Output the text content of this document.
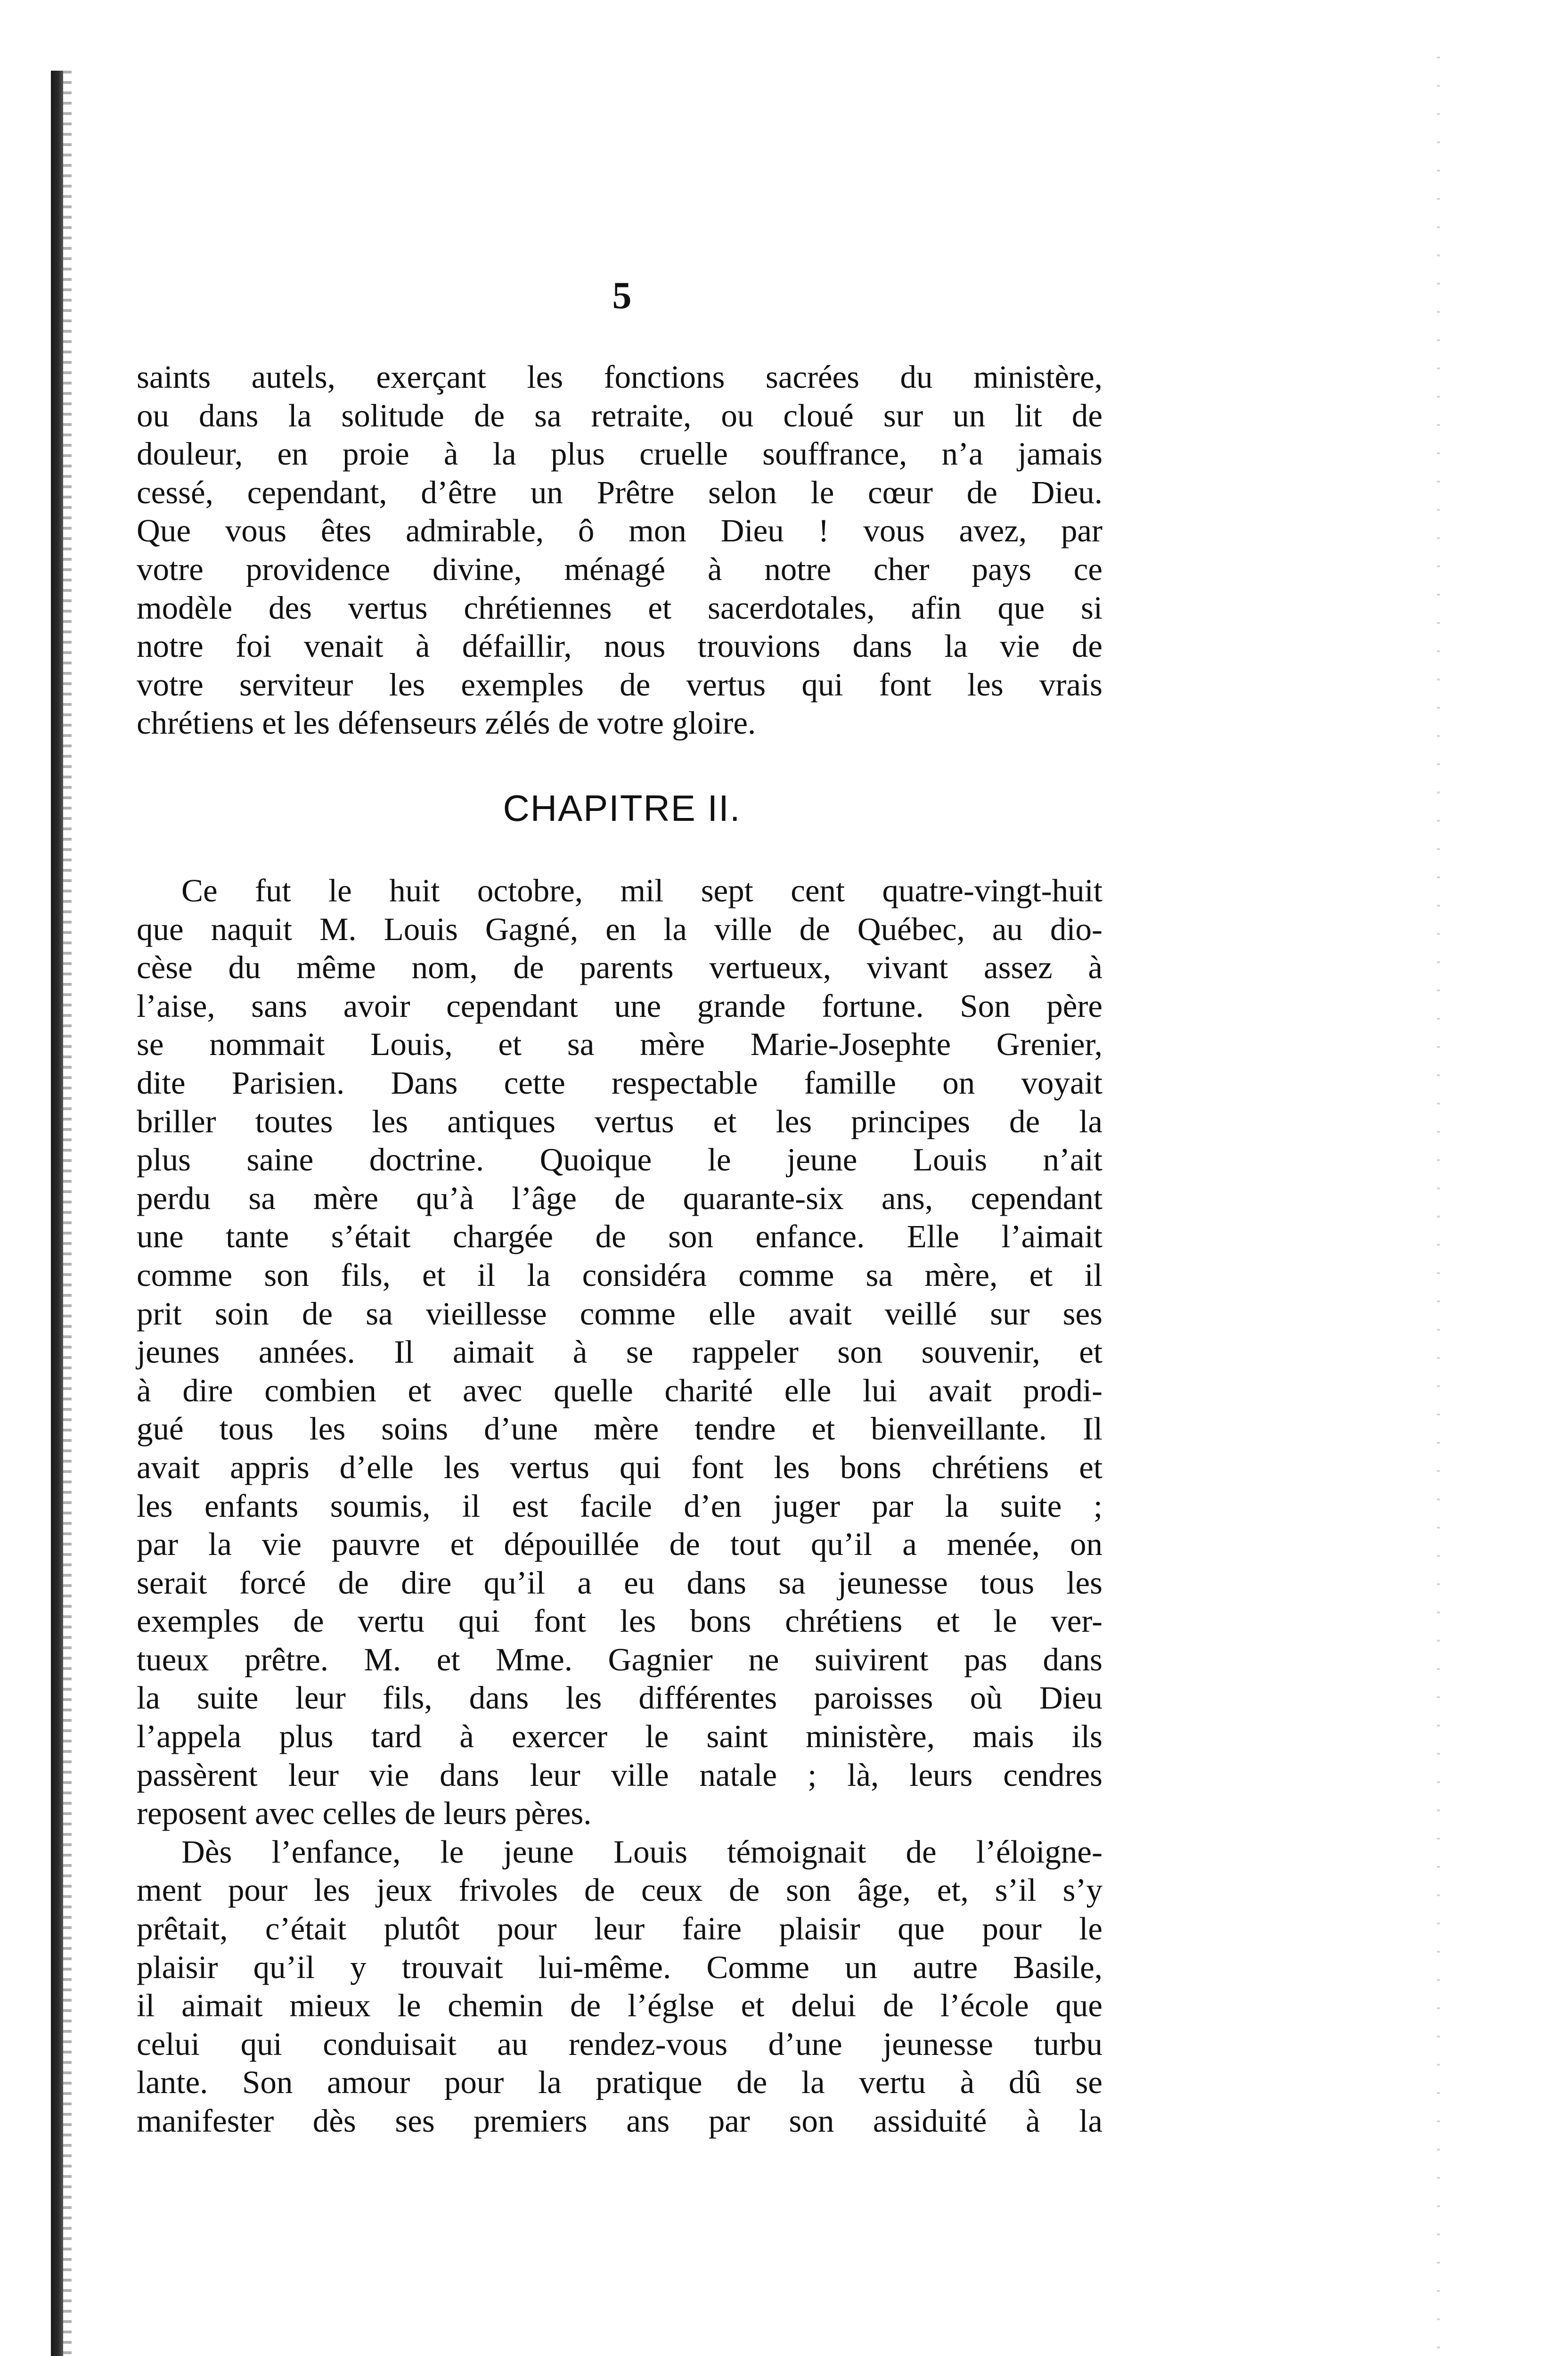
5
saints autels, exerçant les fonctions sacrées du ministère,
ou dans la solitude de sa retraite, ou cloué sur un lit de
douleur, en proie à la plus cruelle souffrance, n’a jamais
cessé, cependant, d’être un Prêtre selon le cœur de Dieu.
Que vous êtes admirable, ô mon Dieu ! vous avez, par
votre providence divine, ménagé à notre cher pays ce
modèle des vertus chrétiennes et sacerdotales, afin que si
notre foi venait à défaillir, nous trouvions dans la vie de
votre serviteur les exemples de vertus qui font les vrais
chrétiens et les défenseurs zélés de votre gloire.
CHAPITRE II.
Ce fut le huit octobre, mil sept cent quatre-vingt-huit
que naquit M. Louis Gagné, en la ville de Québec, au dio-
cèse du même nom, de parents vertueux, vivant assez à
l’aise, sans avoir cependant une grande fortune. Son père
se nommait Louis, et sa mère Marie-Josephte Grenier,
dite Parisien. Dans cette respectable famille on voyait
briller toutes les antiques vertus et les principes de la
plus saine doctrine. Quoique le jeune Louis n’ait
perdu sa mère qu’à l’âge de quarante-six ans, cependant
une tante s’était chargée de son enfance. Elle l’aimait
comme son fils, et il la considéra comme sa mère, et il
prit soin de sa vieillesse comme elle avait veillé sur ses
jeunes années. Il aimait à se rappeler son souvenir, et
à dire combien et avec quelle charité elle lui avait prodi-
gué tous les soins d’une mère tendre et bienveillante. Il
avait appris d’elle les vertus qui font les bons chrétiens et
les enfants soumis, il est facile d’en juger par la suite ;
par la vie pauvre et dépouillée de tout qu’il a menée, on
serait forcé de dire qu’il a eu dans sa jeunesse tous les
exemples de vertu qui font les bons chrétiens et le ver-
tueux prêtre. M. et Mme. Gagnier ne suivirent pas dans
la suite leur fils, dans les différentes paroisses où Dieu
l’appela plus tard à exercer le saint ministère, mais ils
passèrent leur vie dans leur ville natale ; là, leurs cendres
reposent avec celles de leurs pères.
Dès l’enfance, le jeune Louis témoignait de l’éloigne-
ment pour les jeux frivoles de ceux de son âge, et, s’il s’y
prêtait, c’était plutôt pour leur faire plaisir que pour le
plaisir qu’il y trouvait lui-même. Comme un autre Basile,
il aimait mieux le chemin de l’églse et delui de l’école que
celui qui conduisait au rendez-vous d’une jeunesse turbu
lante. Son amour pour la pratique de la vertu à dû se
manifester dès ses premiers ans par son assiduité à la
